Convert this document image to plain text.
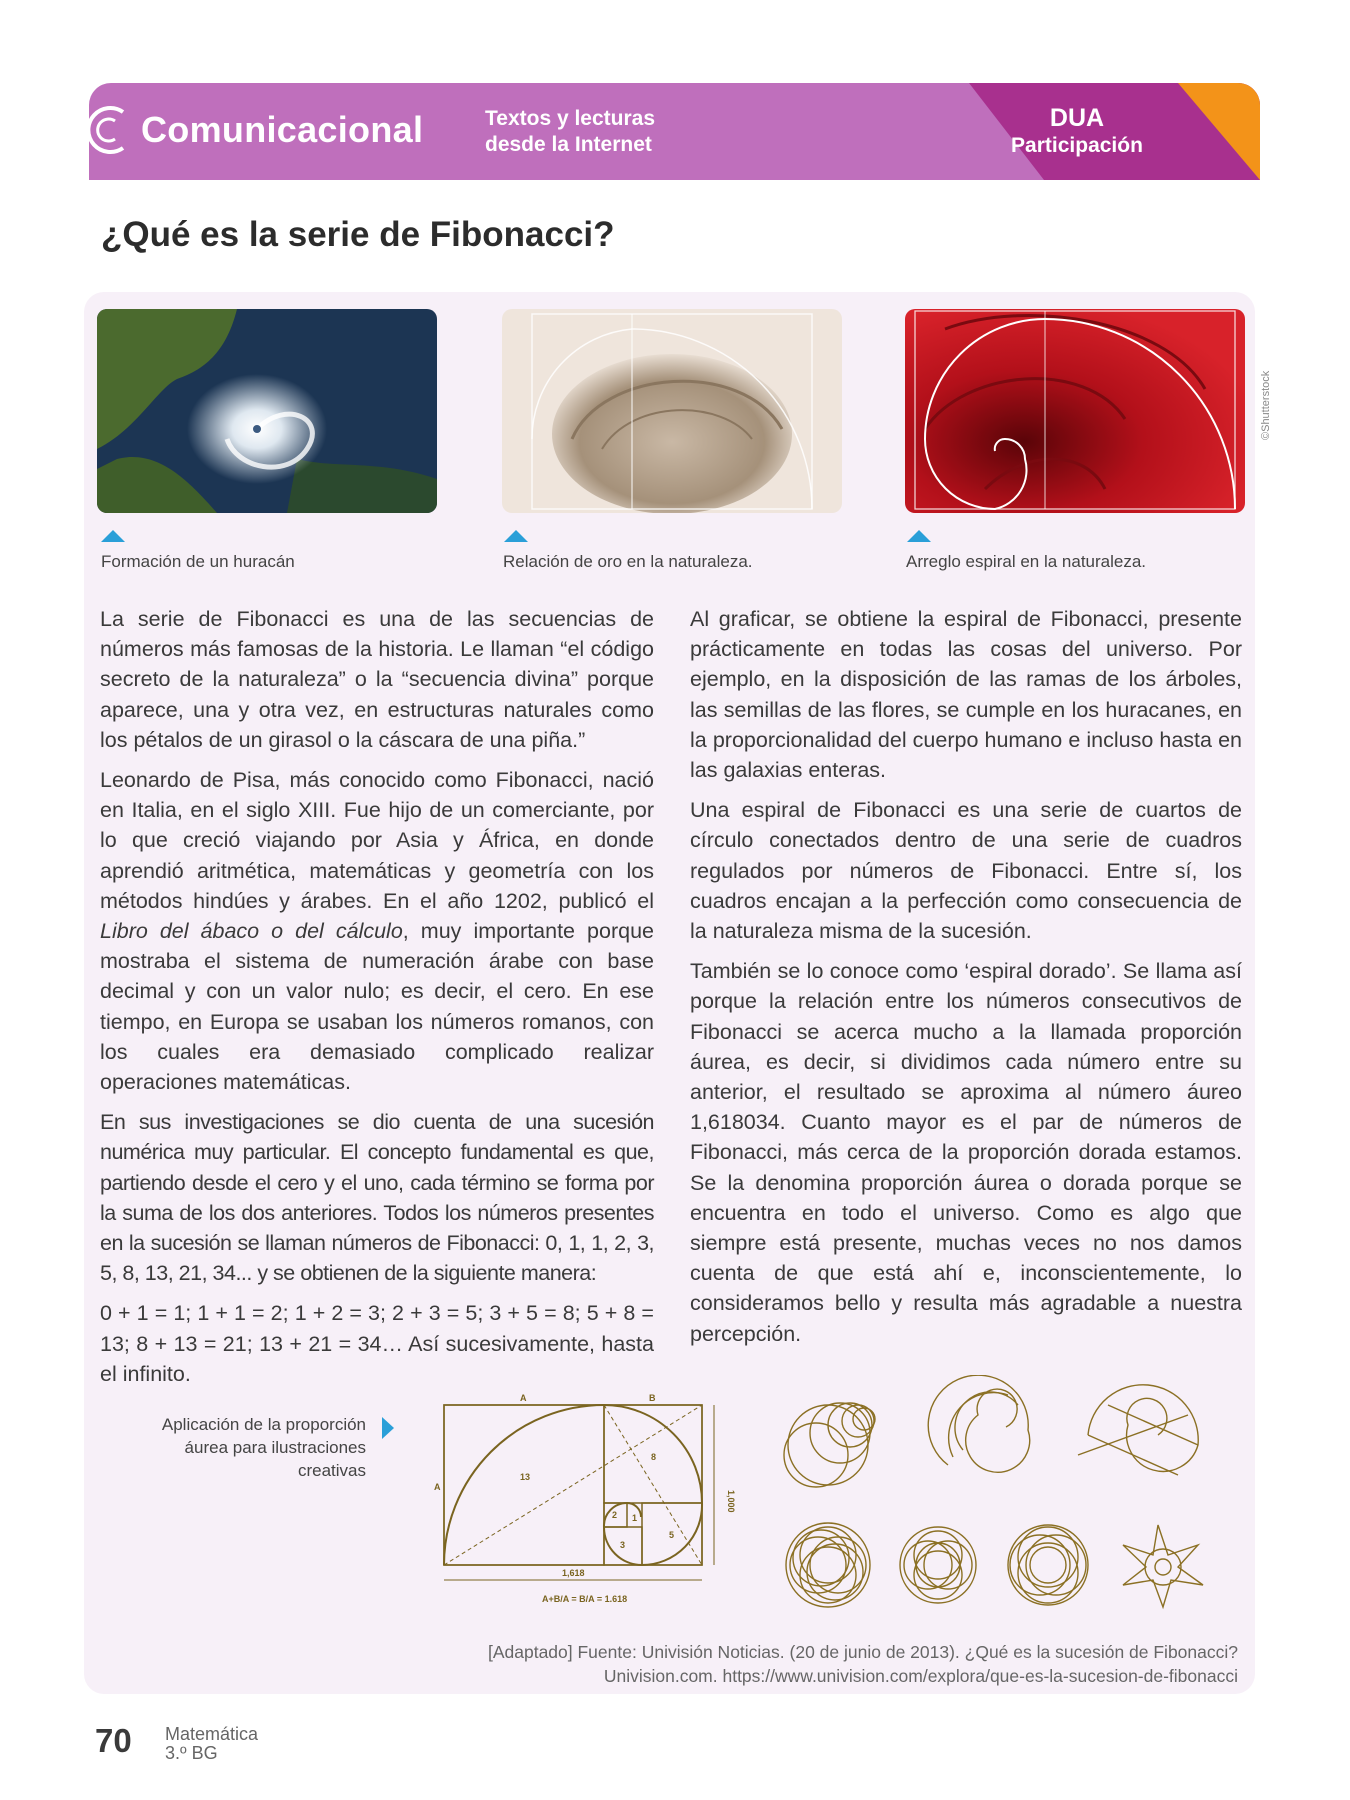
Comunicacional	Textos y lecturas
desde la Internet
DUA
Participación
¿Qué es la serie de Fibonacci?
©Shutterstock
Formación de un huracán	Relación de oro en la naturaleza.	Arreglo espiral en la naturaleza.

La serie de Fibonacci es una de las secuencias de números más famosas de la historia. Le llaman “el código secreto de la naturaleza” o la “secuencia divina” porque aparece, una y otra vez, en estructuras naturales como los pétalos de un girasol o la cáscara de una piña.”

Leonardo de Pisa, más conocido como Fibonacci, nació en Italia, en el siglo XIII. Fue hijo de un comerciante, por lo que creció viajando por Asia y África, en donde aprendió aritmética, matemáticas y geometría con los métodos hindúes y árabes. En el año 1202, publicó el Libro del ábaco o del cálculo, muy importante porque mostraba el sistema de numeración árabe con base decimal y con un valor nulo; es decir, el cero. En ese tiempo, en Europa se usaban los números romanos, con los cuales era demasiado complicado realizar operaciones matemáticas.

En sus investigaciones se dio cuenta de una sucesión numérica muy particular. El concepto fundamental es que, partiendo desde el cero y el uno, cada término se forma por la suma de los dos anteriores. Todos los números presentes en la sucesión se llaman números de Fibonacci: 0, 1, 1, 2, 3, 5, 8, 13, 21, 34... y se obtienen de la siguiente manera:

0 + 1 = 1; 1 + 1 = 2; 1 + 2 = 3; 2 + 3 = 5; 3 + 5 = 8; 5 + 8 = 13; 8 + 13 = 21; 13 + 21 = 34… Así sucesivamente, hasta el infinito.

Al graficar, se obtiene la espiral de Fibonacci, presente prácticamente en todas las cosas del universo. Por ejemplo, en la disposición de las ramas de los árboles, las semillas de las flores, se cumple en los huracanes, en la proporcionalidad del cuerpo humano e incluso hasta en las galaxias enteras.

Una espiral de Fibonacci es una serie de cuartos de círculo conectados dentro de una serie de cuadros regulados por números de Fibonacci. Entre sí, los cuadros encajan a la perfección como consecuencia de la naturaleza misma de la sucesión.

También se lo conoce como ‘espiral dorado’. Se llama así porque la relación entre los números consecutivos de Fibonacci se acerca mucho a la llamada proporción áurea, es decir, si dividimos cada número entre su anterior, el resultado se aproxima al número áureo 1,618034. Cuanto mayor es el par de números de Fibonacci, más cerca de la proporción dorada estamos. Se la denomina proporción áurea o dorada porque se encuentra en todo el universo. Como es algo que siempre está presente, muchas veces no nos damos cuenta de que está ahí e, inconscientemente, lo consideramos bello y resulta más agradable a nuestra percepción.

Aplicación de la proporción áurea para ilustraciones creativas
A	B
A
13
8
5
3
2 1
1,000
1,618
A+B/A = B/A = 1.618
[Adaptado] Fuente: Univisión Noticias. (20 de junio de 2013). ¿Qué es la sucesión de Fibonacci?
Univision.com. https://www.univision.com/explora/que-es-la-sucesion-de-fibonacci
70 Matemática
3.º BG
